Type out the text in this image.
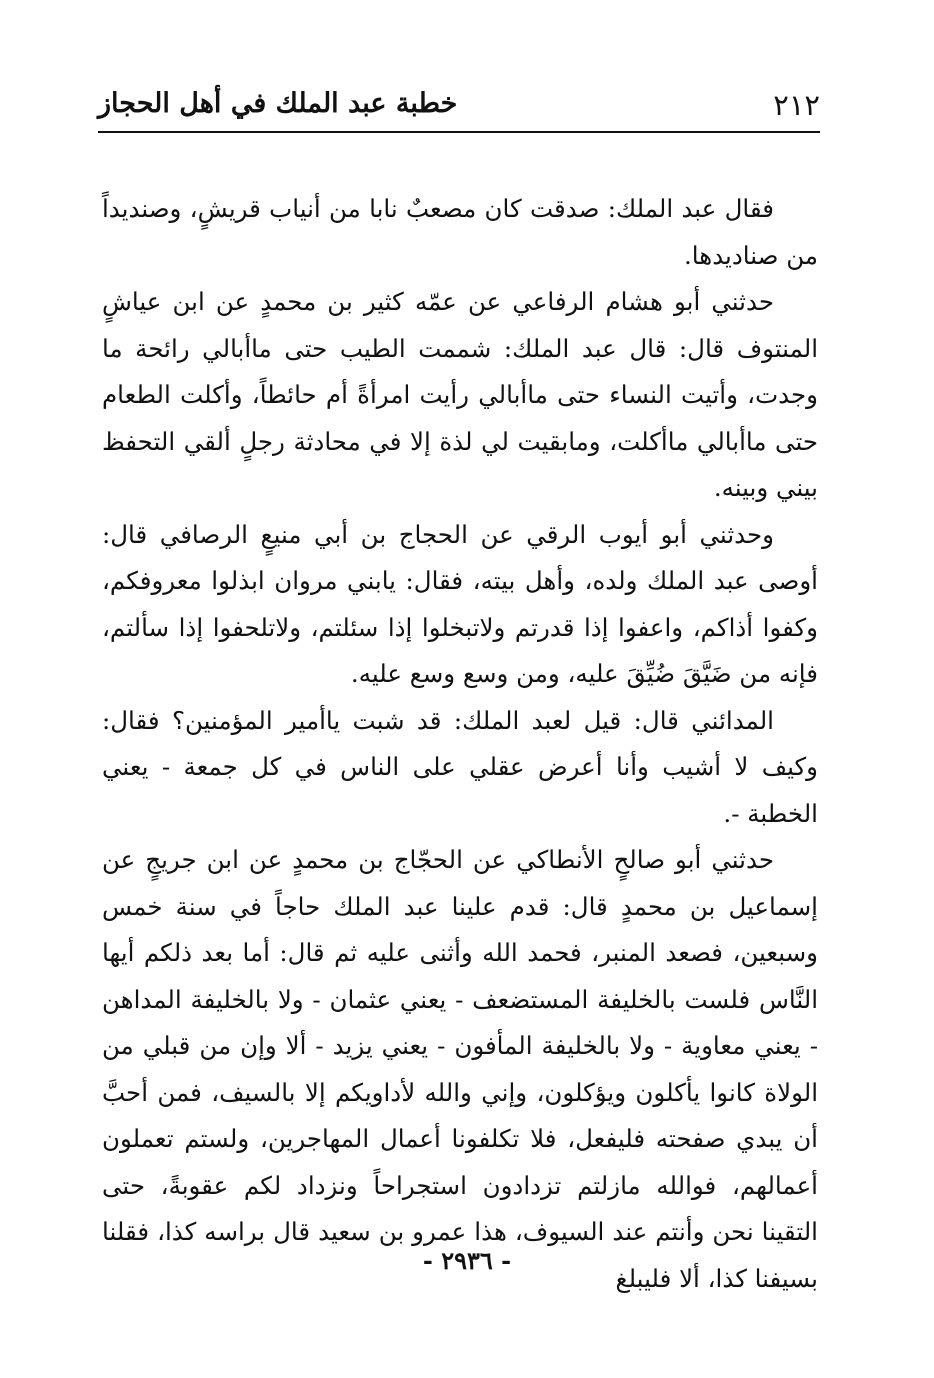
٢١٢
خطبة عبد الملك في أهل الحجاز

فقال عبد الملك: صدقت كان مصعبٌ نابا من أنياب قريشٍ، وصنديداً من صناديدها.

حدثني أبو هشام الرفاعي عن عمّه كثير بن محمدٍ عن ابن عياشٍ المنتوف قال: قال عبد الملك: شممت الطيب حتى ماأبالي رائحة ما وجدت، وأتيت النساء حتى ماأبالي رأيت امرأةً أم حائطاً، وأكلت الطعام حتى ماأبالي ماأكلت، ومابقيت لي لذة إلا في محادثة رجلٍ ألقي التحفظ بيني وبينه.

وحدثني أبو أيوب الرقي عن الحجاج بن أبي منيعٍ الرصافي قال: أوصى عبد الملك ولده، وأهل بيته، فقال: يابني مروان ابذلوا معروفكم، وكفوا أذاكم، واعفوا إذا قدرتم ولاتبخلوا إذا سئلتم، ولاتلحفوا إذا سألتم، فإنه من ضَيَّقَ ضُيِّقَ عليه، ومن وسع وسع عليه.

المدائني قال: قيل لعبد الملك: قد شبت ياأمير المؤمنين؟ فقال: وكيف لا أشيب وأنا أعرض عقلي على الناس في كل جمعة - يعني الخطبة -.

حدثني أبو صالحٍ الأنطاكي عن الحجّاج بن محمدٍ عن ابن جريجٍ عن إسماعيل بن محمدٍ قال: قدم علينا عبد الملك حاجاً في سنة خمس وسبعين، فصعد المنبر، فحمد الله وأثنى عليه ثم قال: أما بعد ذلكم أيها النَّاس فلست بالخليفة المستضعف - يعني عثمان - ولا بالخليفة المداهن - يعني معاوية - ولا بالخليفة المأفون - يعني يزيد - ألا وإن من قبلي من الولاة كانوا يأكلون ويؤكلون، وإني والله لأداويكم إلا بالسيف، فمن أحبَّ أن يبدي صفحته فليفعل، فلا تكلفونا أعمال المهاجرين، ولستم تعملون أعمالهم، فوالله مازلتم تزدادون استجراحاً ونزداد لكم عقوبةً، حتى التقينا نحن وأنتم عند السيوف، هذا عمرو بن سعيد قال براسه كذا، فقلنا بسيفنا كذا، ألا فليبلغ

- ٢٩٣٦ -
